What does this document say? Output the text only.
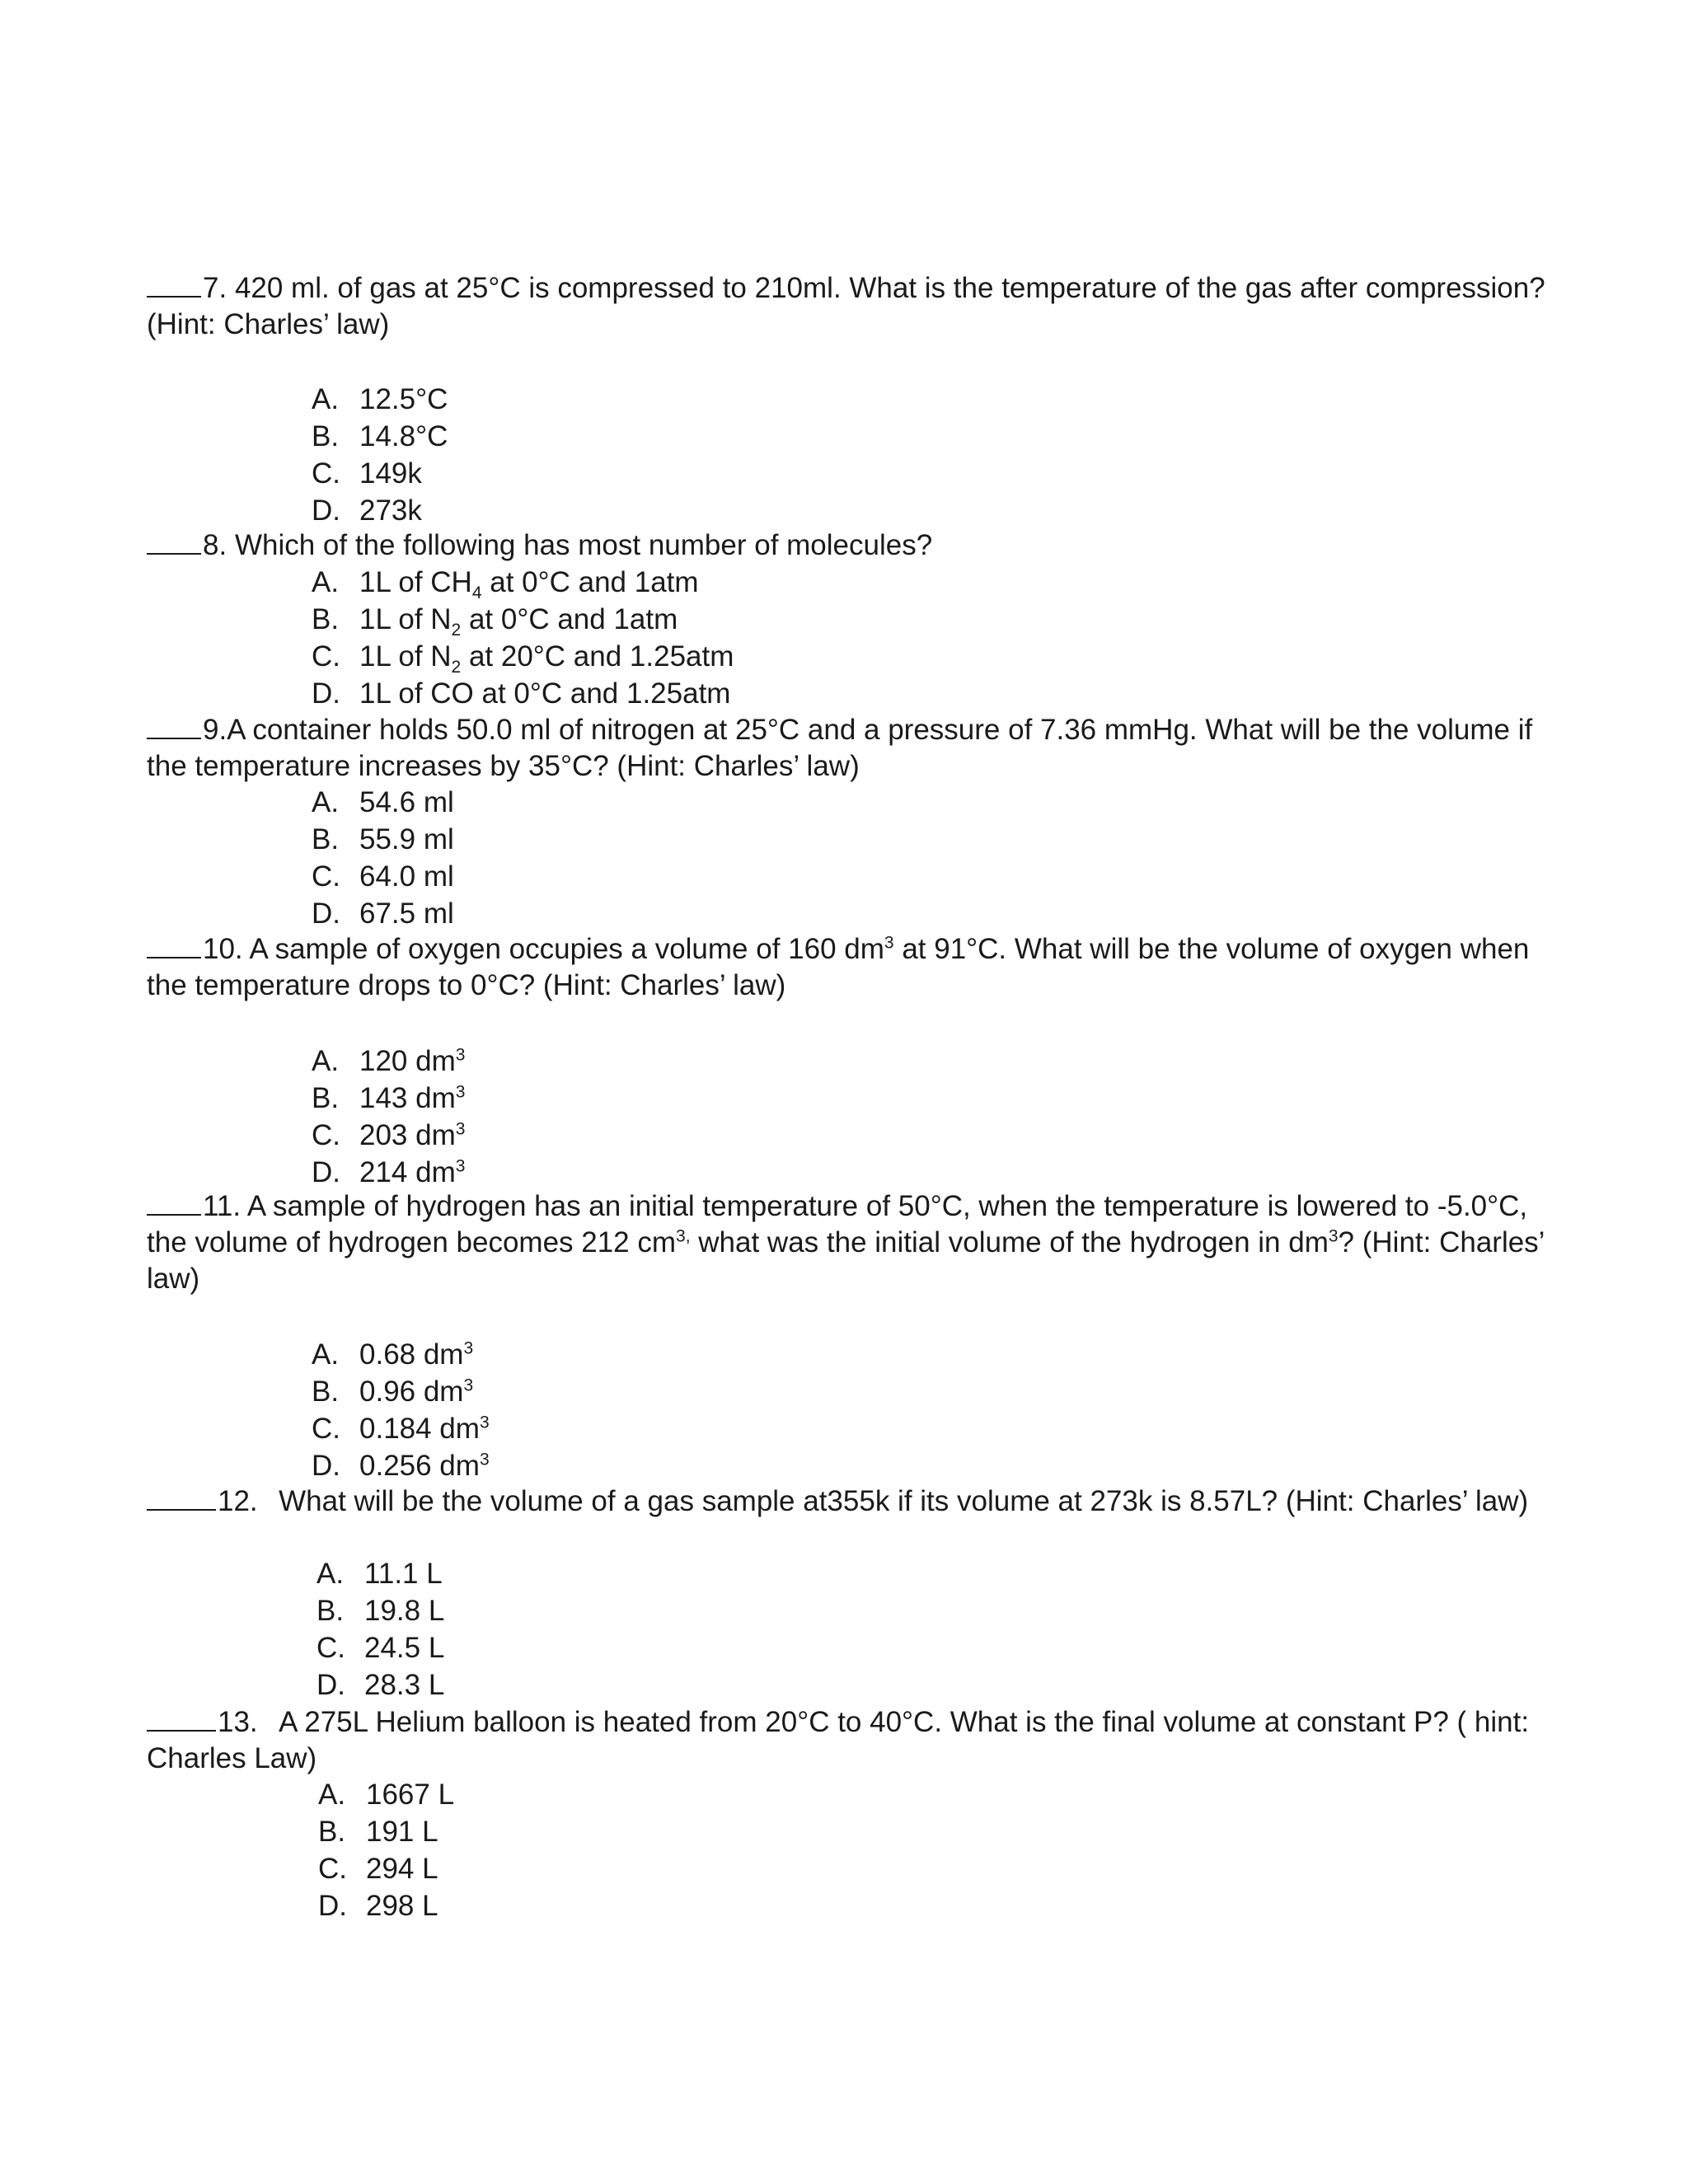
7. 420 ml. of gas at 25°C is compressed to 210ml. What is the temperature of the gas after compression? (Hint: Charles’ law)
A. 12.5°C
B. 14.8°C
C. 149k
D. 273k
8. Which of the following has most number of molecules?
A. 1L of $CH_4$ at 0°C and 1atm
B. 1L of $N_2$ at 0°C and 1atm
C. 1L of $N_2$ at 20°C and 1.25atm
D. 1L of CO at 0°C and 1.25atm
9.A container holds 50.0 ml of nitrogen at 25°C and a pressure of 7.36 mmHg. What will be the volume if the temperature increases by 35°C? (Hint: Charles’ law)
A. 54.6 ml
B. 55.9 ml
C. 64.0 ml
D. 67.5 ml
10. A sample of oxygen occupies a volume of 160 $dm^3$ at 91°C. What will be the volume of oxygen when the temperature drops to 0°C? (Hint: Charles’ law)
A. 120 $dm^3$
B. 143 $dm^3$
C. 203 $dm^3$
D. 214 $dm^3$
11. A sample of hydrogen has an initial temperature of 50°C, when the temperature is lowered to -5.0°C, the volume of hydrogen becomes 212 $cm^{3,}$ what was the initial volume of the hydrogen in $dm^3$? (Hint: Charles’ law)
A. 0.68 $dm^3$
B. 0.96 $dm^3$
C. 0.184 $dm^3$
D. 0.256 $dm^3$
12. What will be the volume of a gas sample at355k if its volume at 273k is 8.57L? (Hint: Charles’ law)
A. 11.1 L
B. 19.8 L
C. 24.5 L
D. 28.3 L
13. A 275L Helium balloon is heated from 20°C to 40°C. What is the final volume at constant P? ( hint: Charles Law)
A. 1667 L
B. 191 L
C. 294 L
D. 298 L
